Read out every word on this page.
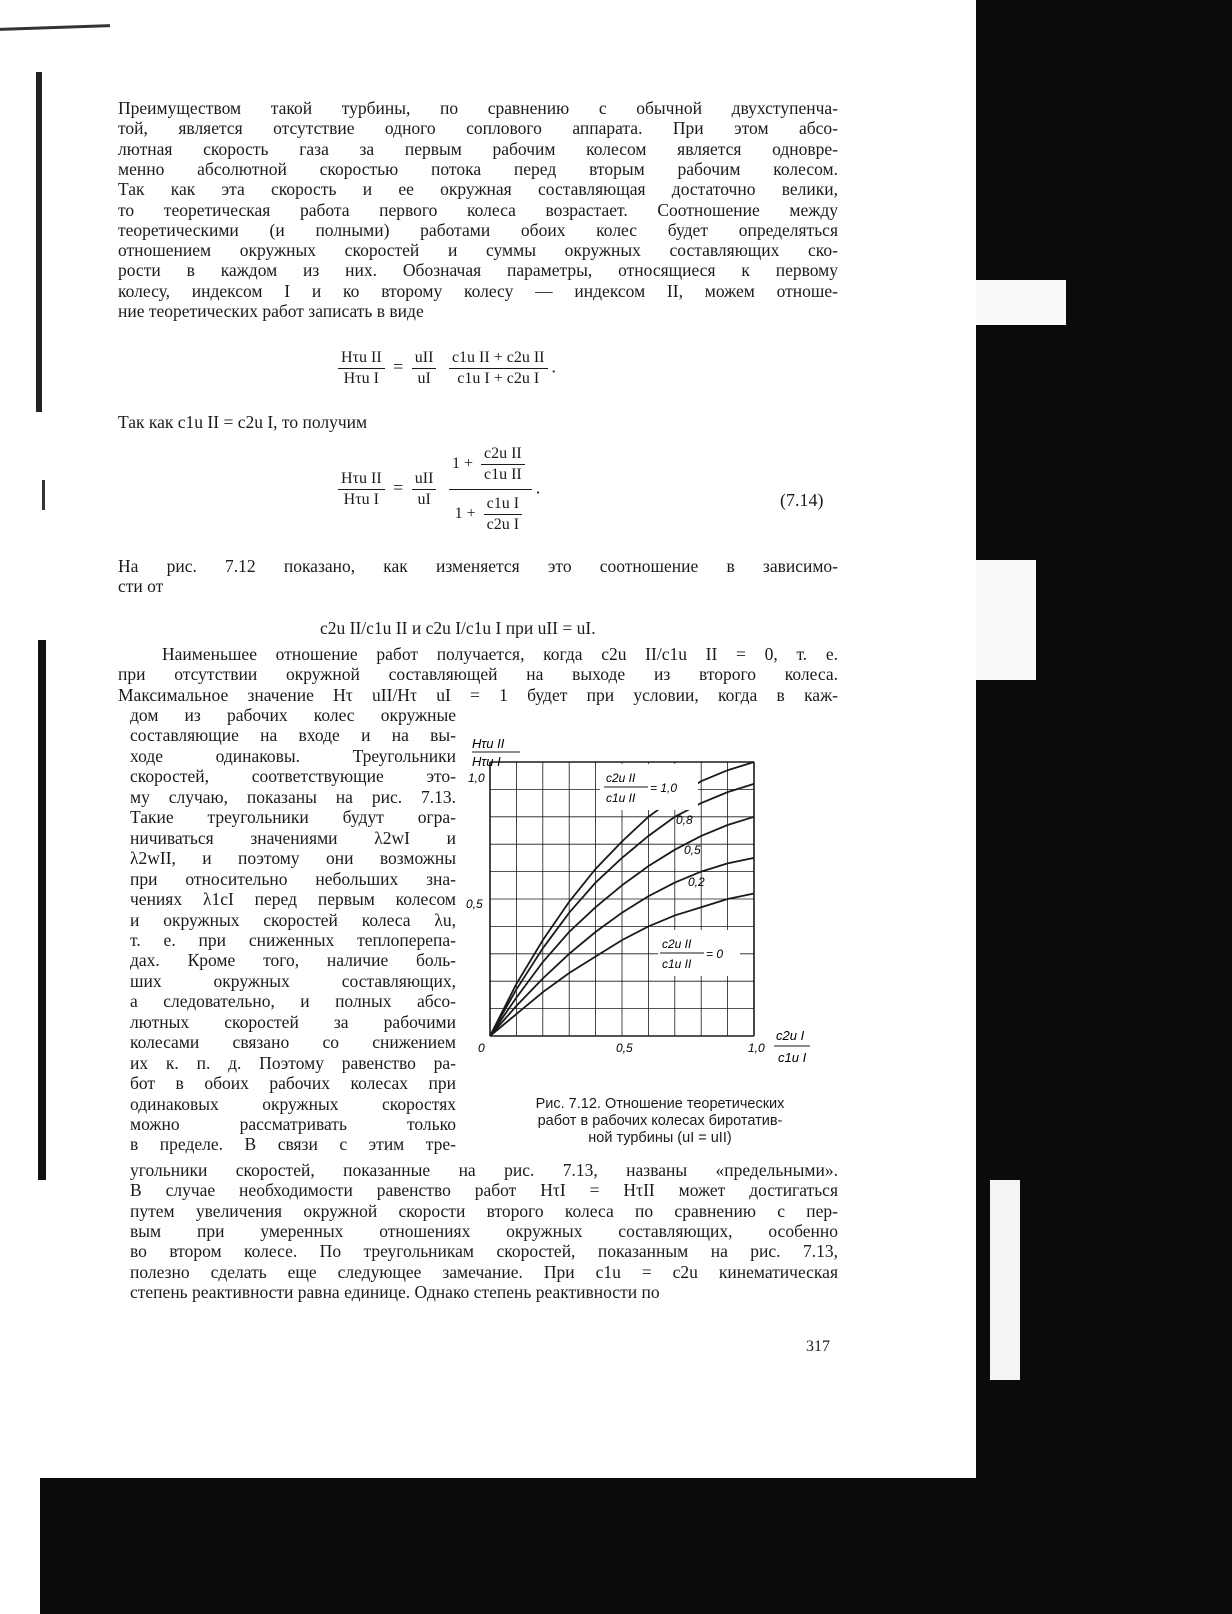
Преимуществом такой турбины, по сравнению с обычной двухступенча-
той, является отсутствие одного соплового аппарата. При этом абсо-
лютная скорость газа за первым рабочим колесом является одновре-
менно абсолютной скоростью потока перед вторым рабочим колесом.
Так как эта скорость и ее окружная составляющая достаточно велики,
то теоретическая работа первого колеса возрастает. Соотношение между
теоретическими (и полными) работами обоих колес будет определяться
отношением окружных скоростей и суммы окружных составляющих ско-
рости в каждом из них. Обозначая параметры, относящиеся к первому
колесу, индексом I и ко второму колесу — индексом II, можем отноше-
ние теоретических работ записать в виде
$\frac{\text{Hτu II}}{\text{Hτu I}} = \frac{\text{uII}}{uI}$
$\frac{\text{c1u II + c2u II}}{\text{c1u I + c2u I}}$ .
Так как c1u II = c2u I, то получим
$\frac{\text{Hτu II}}{\text{Hτu I}} = \frac{\text{uII}}{uI}$
$\frac{1 + \frac{\text{c2u II}}{\text{c1u II}}}{1 + \frac{\text{c1u I}}{\text{c2u I}}}$ .
(7.14)
На рис. 7.12 показано, как изменяется это соотношение в зависимо-
сти от
c2u II/c1u II и c2u I/c1u I при uII = uI.
Наименьшее отношение работ получается, когда c2u II/c1u II = 0, т. е.
при отсутствии окружной составляющей на выходе из второго колеса.
Максимальное значение Hτ uII/Hτ uI = 1 будет при условии, когда в каж-
дом из рабочих колес окружные
составляющие на входе и на вы-
ходе одинаковы. Треугольники
скоростей, соответствующие это-
му случаю, показаны на рис. 7.13.
Такие треугольники будут огра-
ничиваться значениями λ2wI и
λ2wII, и поэтому они возможны
при относительно небольших зна-
чениях λ1cI перед первым колесом
и окружных скоростей колеса λu,
т. е. при сниженных теплоперепа-
дах. Кроме того, наличие боль-
ших окружных составляющих,
а следовательно, и полных абсо-
лютных скоростей за рабочими
колесами связано со снижением
их к. п. д. Поэтому равенство ра-
бот в обоих рабочих колесах при
одинаковых окружных скоростях
можно рассматривать только
в пределе. В связи с этим тре-
угольники скоростей, показанные на рис. 7.13, названы «предельными».
В случае необходимости равенство работ HτI = HτII может достигаться
путем увеличения окружной скорости второго колеса по сравнению с пер-
вым при умеренных отношениях окружных составляющих, особенно
во втором колесе. По треугольникам скоростей, показанным на рис. 7.13,
полезно сделать еще следующее замечание. При c1u = c2u кинематическая
степень реактивности равна единице. Однако степень реактивности по
Hτu II
Hτu I
1,0
0,5
0	0,5	1,0
c2u I
c1u I
c2u II
c1u II
= 1,0
c2u II
c1u II
= 0
0,8
0,5
0,2
Рис. 7.12. Отношение теоретических
работ в рабочих колесах биротатив-
ной турбины (uI = uII)
317
